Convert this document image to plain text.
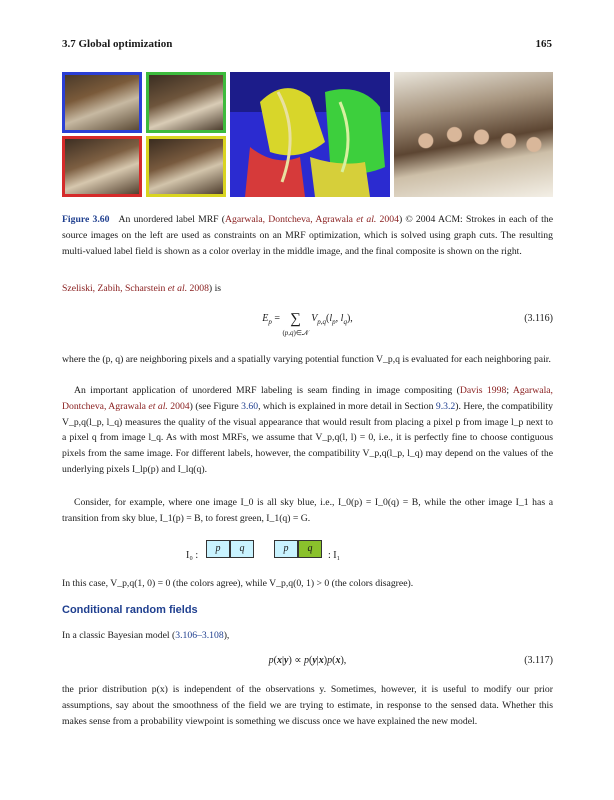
3.7 Global optimization	165
Figure 3.60 An unordered label MRF (Agarwala, Dontcheva, Agrawala et al. 2004) © 2004 ACM: Strokes in each of the source images on the left are used as constraints on an MRF optimization, which is solved using graph cuts. The resulting multi-valued label field is shown as a color overlay in the middle image, and the final composite is shown on the right.
Szeliski, Zabih, Scharstein et al. 2008) is
$E_p$ = ∑
(p,q)∈𝒩 $V_{p,q}(l_p$, $l_q$),	(3.116)
where the (p, q) are neighboring pixels and a spatially varying potential function V_p,q is evaluated for each neighboring pair.
An important application of unordered MRF labeling is seam finding in image compositing (Davis 1998; Agarwala, Dontcheva, Agrawala et al. 2004) (see Figure 3.60, which is explained in more detail in Section 9.3.2). Here, the compatibility V_p,q(l_p, l_q) measures the quality of the visual appearance that would result from placing a pixel p from image l_p next to a pixel q from image l_q. As with most MRFs, we assume that V_p,q(l, l) = 0, i.e., it is perfectly fine to choose contiguous pixels from the same image. For different labels, however, the compatibility V_p,q(l_p, l_q) may depend on the values of the underlying pixels I_lp(p) and I_lq(q).
Consider, for example, where one image I_0 is all sky blue, i.e., I_0(p) = I_0(q) = B, while the other image I_1 has a transition from sky blue, I_1(p) = B, to forest green, I_1(q) = G.
I₀ :
p	q	p	q
: I₁
In this case, V_p,q(1, 0) = 0 (the colors agree), while V_p,q(0, 1) > 0 (the colors disagree).
Conditional random fields
In a classic Bayesian model (3.106–3.108),
p(x|y) ∝ p(y|x)p(x),	(3.117)
the prior distribution p(x) is independent of the observations y. Sometimes, however, it is useful to modify our prior assumptions, say about the smoothness of the field we are trying to estimate, in response to the sensed data. Whether this makes sense from a probability viewpoint is something we discuss once we have explained the new model.
